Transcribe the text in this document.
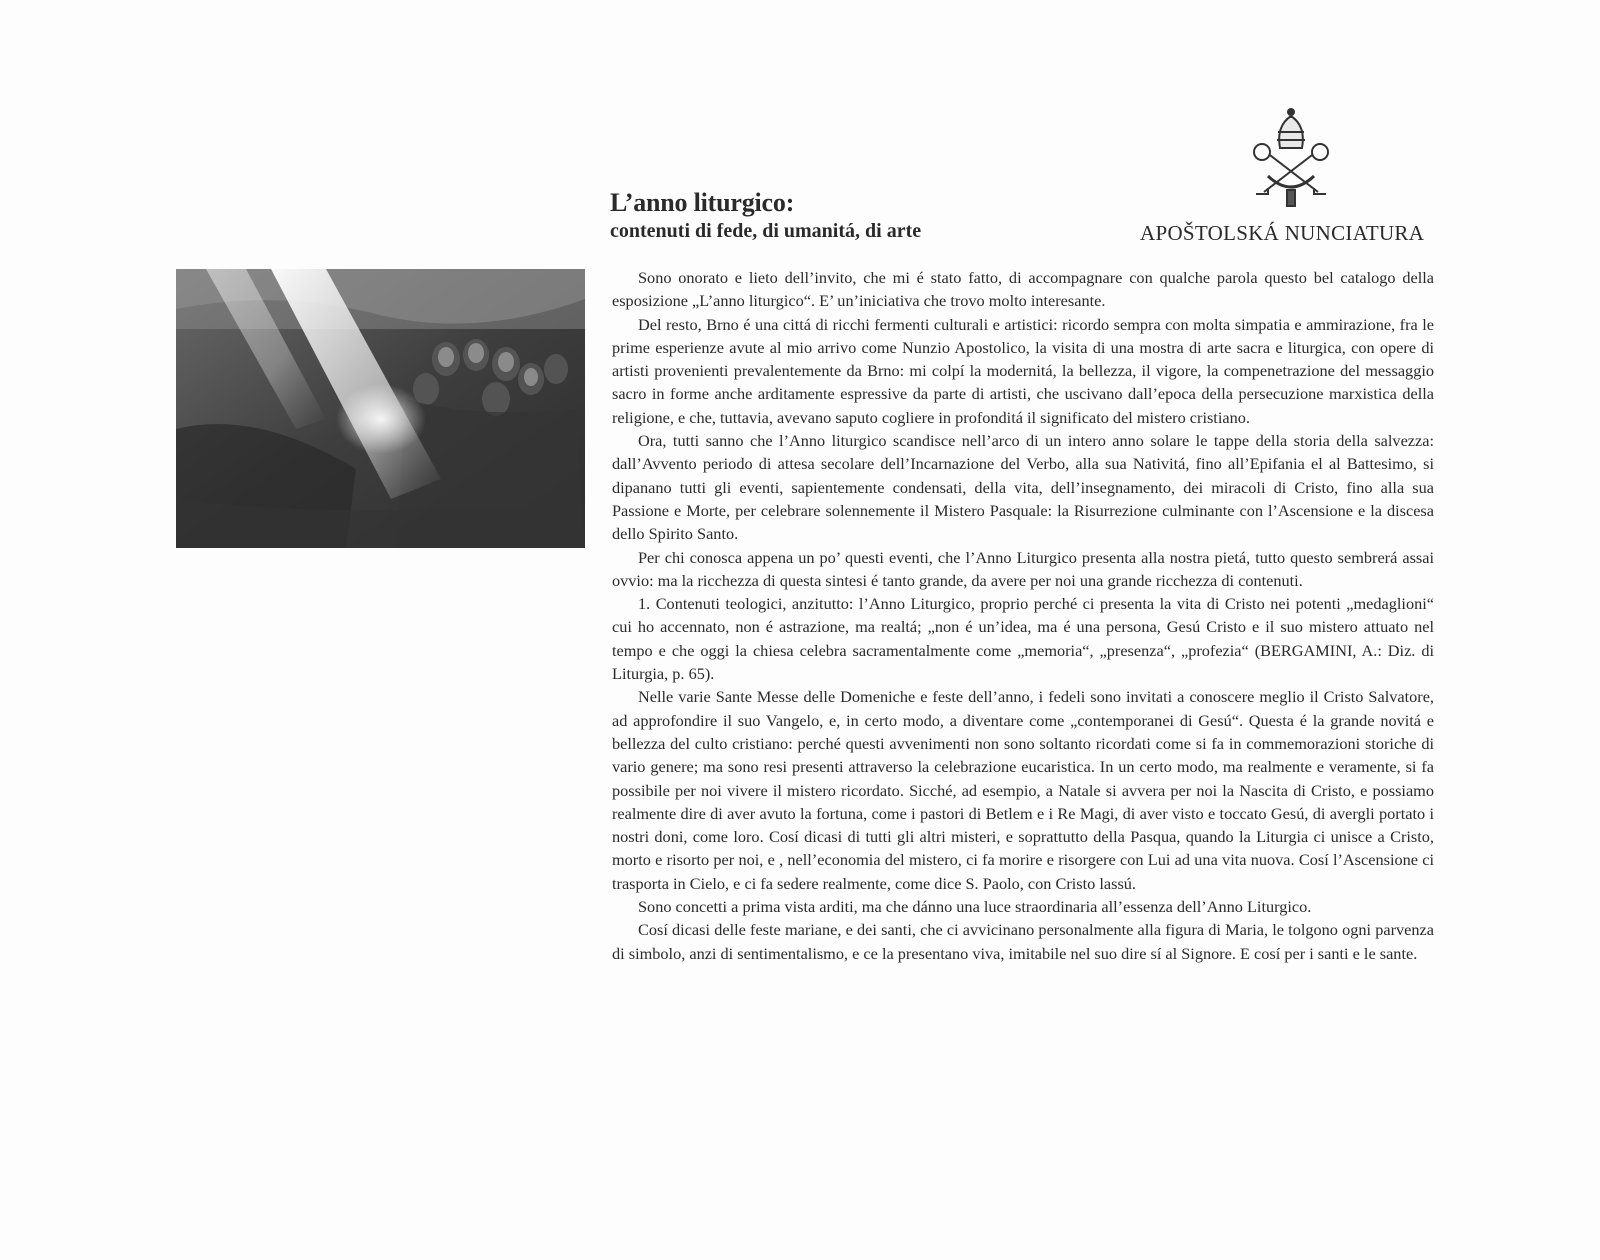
L’anno liturgico:
contenuti di fede, di umanitá, di arte	APOŠTOLSKÁ NUNCIATURA

Sono onorato e lieto dell’invito, che mi é stato fatto, di accompagnare con qualche parola questo bel catalogo della esposizione „L’anno liturgico“. E’ un’iniciativa che trovo molto interesante.

Del resto, Brno é una cittá di ricchi fermenti culturali e artistici: ricordo sempra con molta simpatia e ammirazione, fra le prime esperienze avute al mio arrivo come Nunzio Apostolico, la visita di una mostra di arte sacra e liturgica, con opere di artisti provenienti prevalentemente da Brno: mi colpí la modernitá, la bellezza, il vigore, la compenetrazione del messaggio sacro in forme anche arditamente espressive da parte di artisti, che uscivano dall’epoca della persecuzione marxistica della religione, e che, tuttavia, avevano saputo cogliere in profonditá il significato del mistero cristiano.

Ora, tutti sanno che l’Anno liturgico scandisce nell’arco di un intero anno solare le tappe della storia della salvezza: dall’Avvento periodo di attesa secolare dell’Incarnazione del Verbo, alla sua Nativitá, fino all’Epifania el al Battesimo, si dipanano tutti gli eventi, sapientemente condensati, della vita, dell’insegnamento, dei miracoli di Cristo, fino alla sua Passione e Morte, per celebrare solennemente il Mistero Pasquale: la Risurrezione culminante con l’Ascensione e la discesa dello Spirito Santo.

Per chi conosca appena un po’ questi eventi, che l’Anno Liturgico presenta alla nostra pietá, tutto questo sembrerá assai ovvio: ma la ricchezza di questa sintesi é tanto grande, da avere per noi una grande ricchezza di contenuti.

1. Contenuti teologici, anzitutto: l’Anno Liturgico, proprio perché ci presenta la vita di Cristo nei potenti „medaglioni“ cui ho accennato, non é astrazione, ma realtá; „non é un’idea, ma é una persona, Gesú Cristo e il suo mistero attuato nel tempo e che oggi la chiesa celebra sacramentalmente come „memoria“, „presenza“, „profezia“ (BERGAMINI, A.: Diz. di Liturgia, p. 65).

Nelle varie Sante Messe delle Domeniche e feste dell’anno, i fedeli sono invitati a conoscere meglio il Cristo Salvatore, ad approfondire il suo Vangelo, e, in certo modo, a diventare come „contemporanei di Gesú“. Questa é la grande novitá e bellezza del culto cristiano: perché questi avvenimenti non sono soltanto ricordati come si fa in commemorazioni storiche di vario genere; ma sono resi presenti attraverso la celebrazione eucaristica. In un certo modo, ma realmente e veramente, si fa possibile per noi vivere il mistero ricordato. Sicché, ad esempio, a Natale si avvera per noi la Nascita di Cristo, e possiamo realmente dire di aver avuto la fortuna, come i pastori di Betlem e i Re Magi, di aver visto e toccato Gesú, di avergli portato i nostri doni, come loro. Cosí dicasi di tutti gli altri misteri, e soprattutto della Pasqua, quando la Liturgia ci unisce a Cristo, morto e risorto per noi, e , nell’economia del mistero, ci fa morire e risorgere con Lui ad una vita nuova. Cosí l’Ascensione ci trasporta in Cielo, e ci fa sedere realmente, come dice S. Paolo, con Cristo lassú.

Sono concetti a prima vista arditi, ma che dánno una luce straordinaria all’essenza dell’Anno Liturgico.

Cosí dicasi delle feste mariane, e dei santi, che ci avvicinano personalmente alla figura di Maria, le tolgono ogni parvenza di simbolo, anzi di sentimentalismo, e ce la presentano viva, imitabile nel suo dire sí al Signore. E cosí per i santi e le sante.
